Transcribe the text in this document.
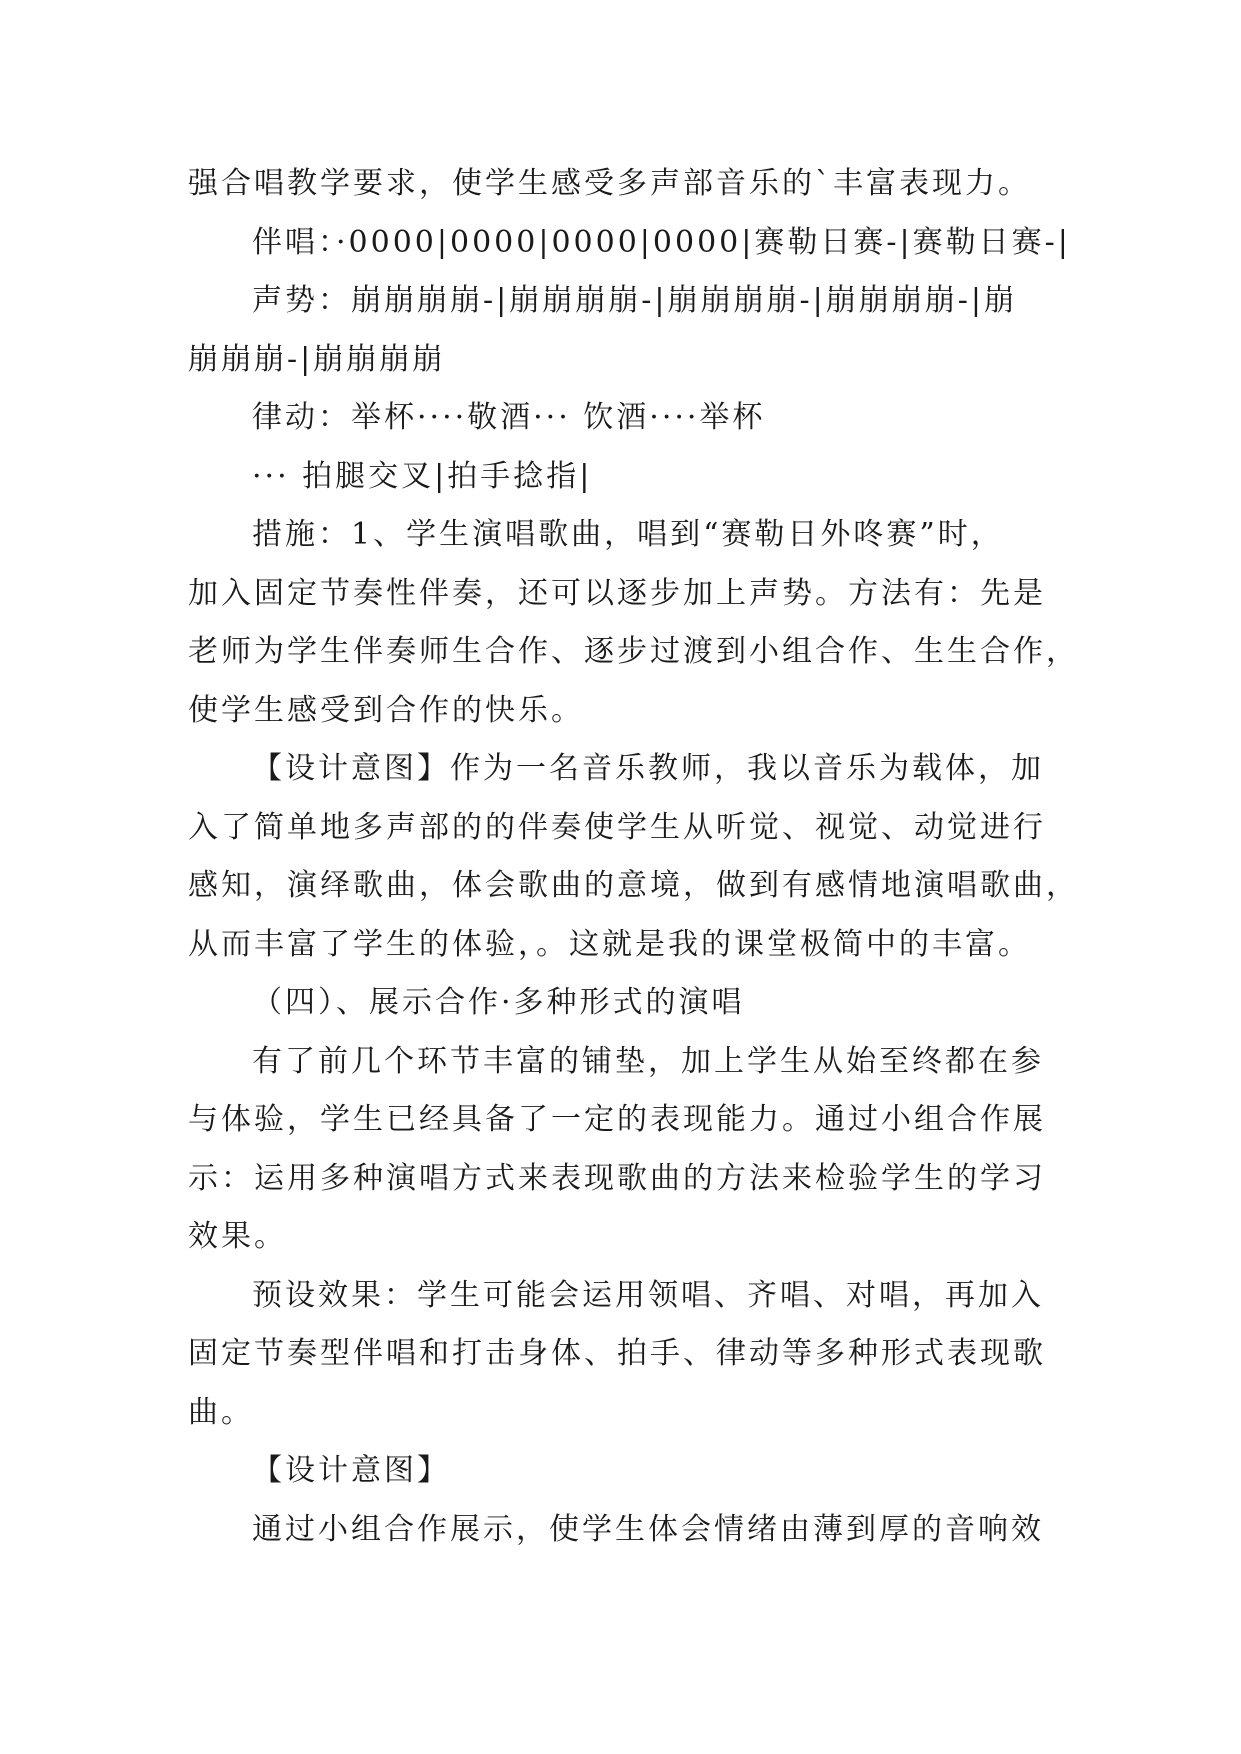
强合唱教学要求，使学生感受多声部音乐的`丰富表现力。
伴唱：·0000|0000|0000|0000|赛勒日赛-|赛勒日赛-|
声势：崩崩崩崩-|崩崩崩崩-|崩崩崩崩-|崩崩崩崩-|崩
崩崩崩-|崩崩崩崩
律动：举杯····敬酒··· 饮酒····举杯
··· 拍腿交叉|拍手捻指|
措施：1、学生演唱歌曲，唱到“赛勒日外咚赛”时，
加入固定节奏性伴奏，还可以逐步加上声势。方法有：先是
老师为学生伴奏师生合作、逐步过渡到小组合作、生生合作，
使学生感受到合作的快乐。
【设计意图】作为一名音乐教师，我以音乐为载体，加
入了简单地多声部的的伴奏使学生从听觉、视觉、动觉进行
感知，演绎歌曲，体会歌曲的意境，做到有感情地演唱歌曲，
从而丰富了学生的体验，。这就是我的课堂极简中的丰富。
（四）、展示合作·多种形式的演唱
有了前几个环节丰富的铺垫，加上学生从始至终都在参
与体验，学生已经具备了一定的表现能力。通过小组合作展
示：运用多种演唱方式来表现歌曲的方法来检验学生的学习
效果。
预设效果：学生可能会运用领唱、齐唱、对唱，再加入
固定节奏型伴唱和打击身体、拍手、律动等多种形式表现歌
曲。
【设计意图】
通过小组合作展示，使学生体会情绪由薄到厚的音响效
